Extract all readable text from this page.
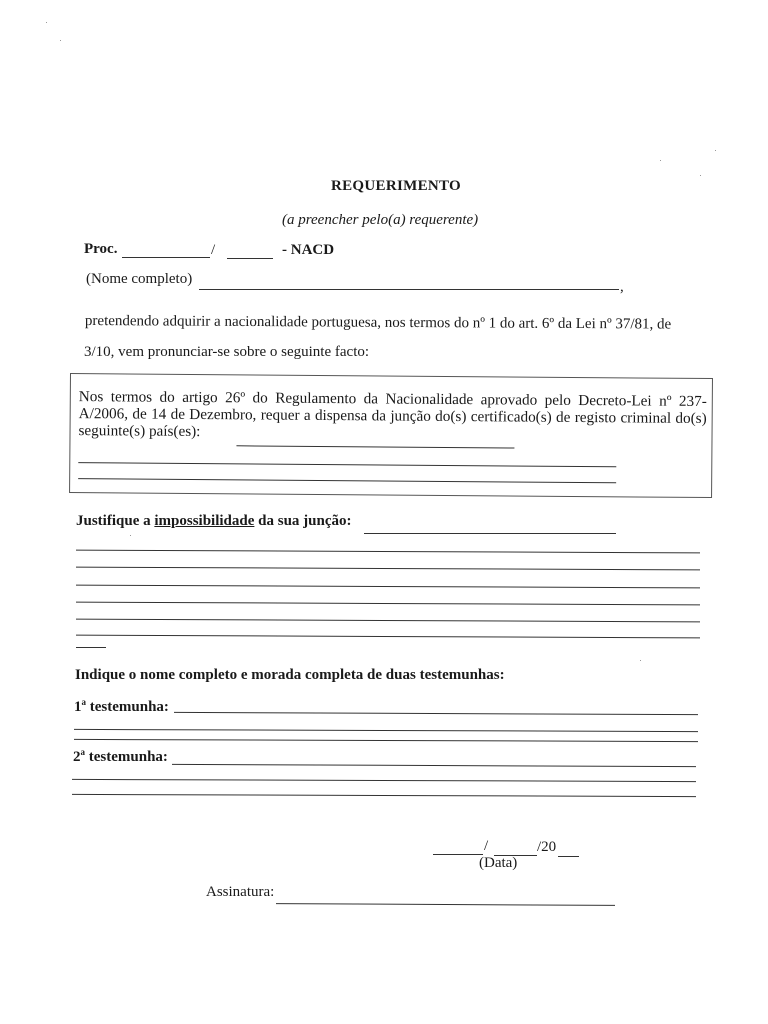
REQUERIMENTO
(a preencher pelo(a) requerente)
Proc.	/	- NACD
(Nome completo)	,
pretendendo adquirir a nacionalidade portuguesa, nos termos do nº 1 do art. 6º da Lei nº 37/81, de
3/10, vem pronunciar-se sobre o seguinte facto:
Nos termos do artigo 26º do Regulamento da Nacionalidade aprovado pelo Decreto-Lei nº 237-A/2006, de 14 de Dezembro, requer a dispensa da junção do(s) certificado(s) de registo criminal do(s) seguinte(s) país(es):
Justifique a impossibilidade da sua junção:
Indique o nome completo e morada completa de duas testemunhas:
1$^a$ testemunha:
2$^a$ testemunha:
/	/20
(Data)
Assinatura:
